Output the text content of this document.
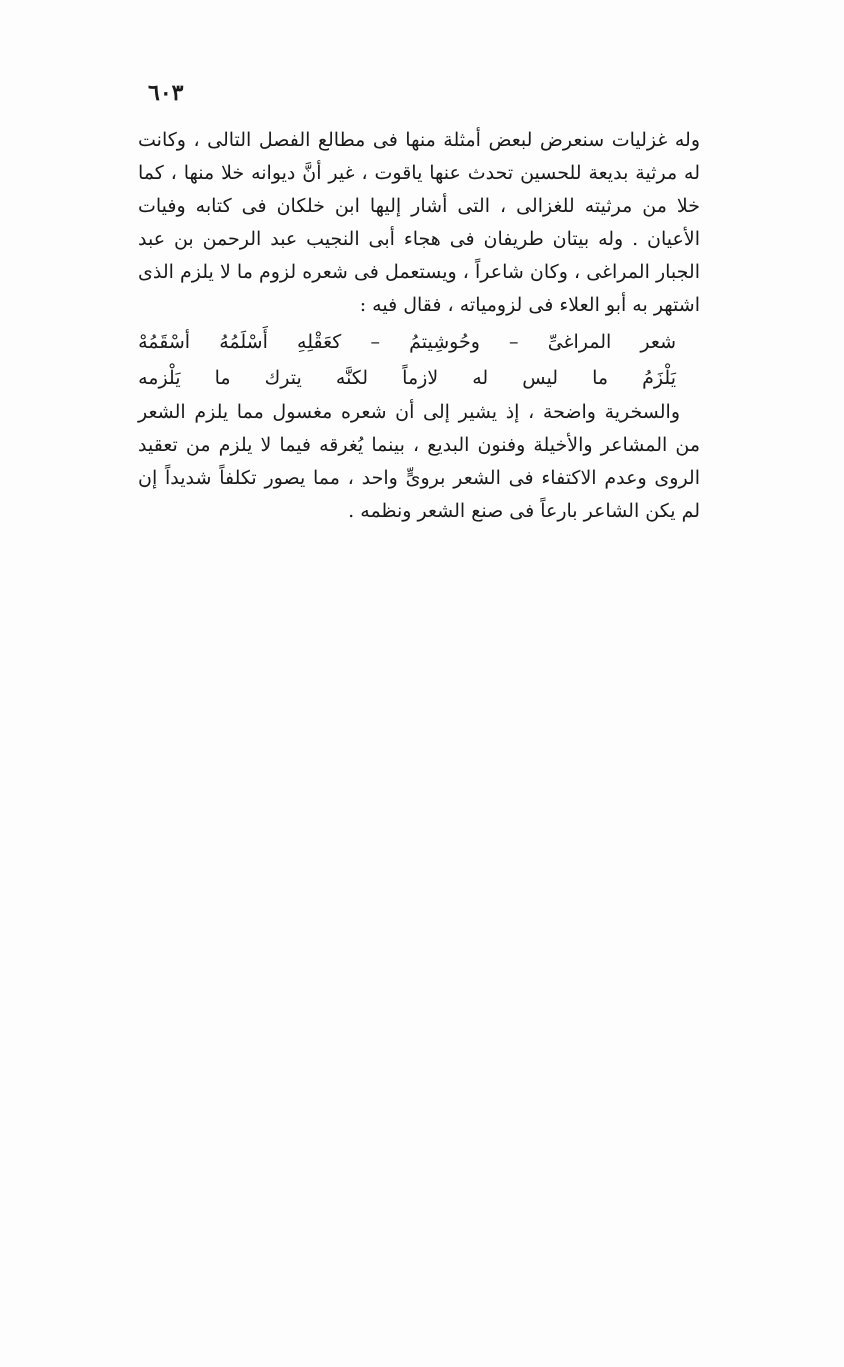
٦٠٣

وله غزليات سنعرض لبعض أمثلة منها فى مطالع الفصل التالى ، وكانت له مرثية بديعة للحسين تحدث عنها ياقوت ، غير أنَّ ديوانه خلا منها ، كما خلا من مرثيته للغزالى ، التى أشار إليها ابن خلكان فى كتابه وفيات الأعيان . وله بيتان طريفان فى هجاء أبى النجيب عبد الرحمن بن عبد الجبار المراغى ، وكان شاعراً ، ويستعمل فى شعره لزوم ما لا يلزم الذى اشتهر به أبو العلاء فى لزومياته ، فقال فيه :

شعر
المراغىِّ
–
وحُوشِيتمُ
–
كعَقْلِهِ
أَسْلَمُهُ
أسْقَمُهْ
يَلْزَمُ
ما
ليس
له
لازماً
لكنَّه
يترك
ما
يَلْزمه

والسخرية واضحة ، إذ يشير إلى أن شعره مغسول مما يلزم الشعر من المشاعر والأخيلة وفنون البديع ، بينما يُغرقه فيما لا يلزم من تعقيد الروى وعدم الاكتفاء فى الشعر بروىٍّ واحد ، مما يصور تكلفاً شديداً إن لم يكن الشاعر بارعاً فى صنع الشعر ونظمه .
